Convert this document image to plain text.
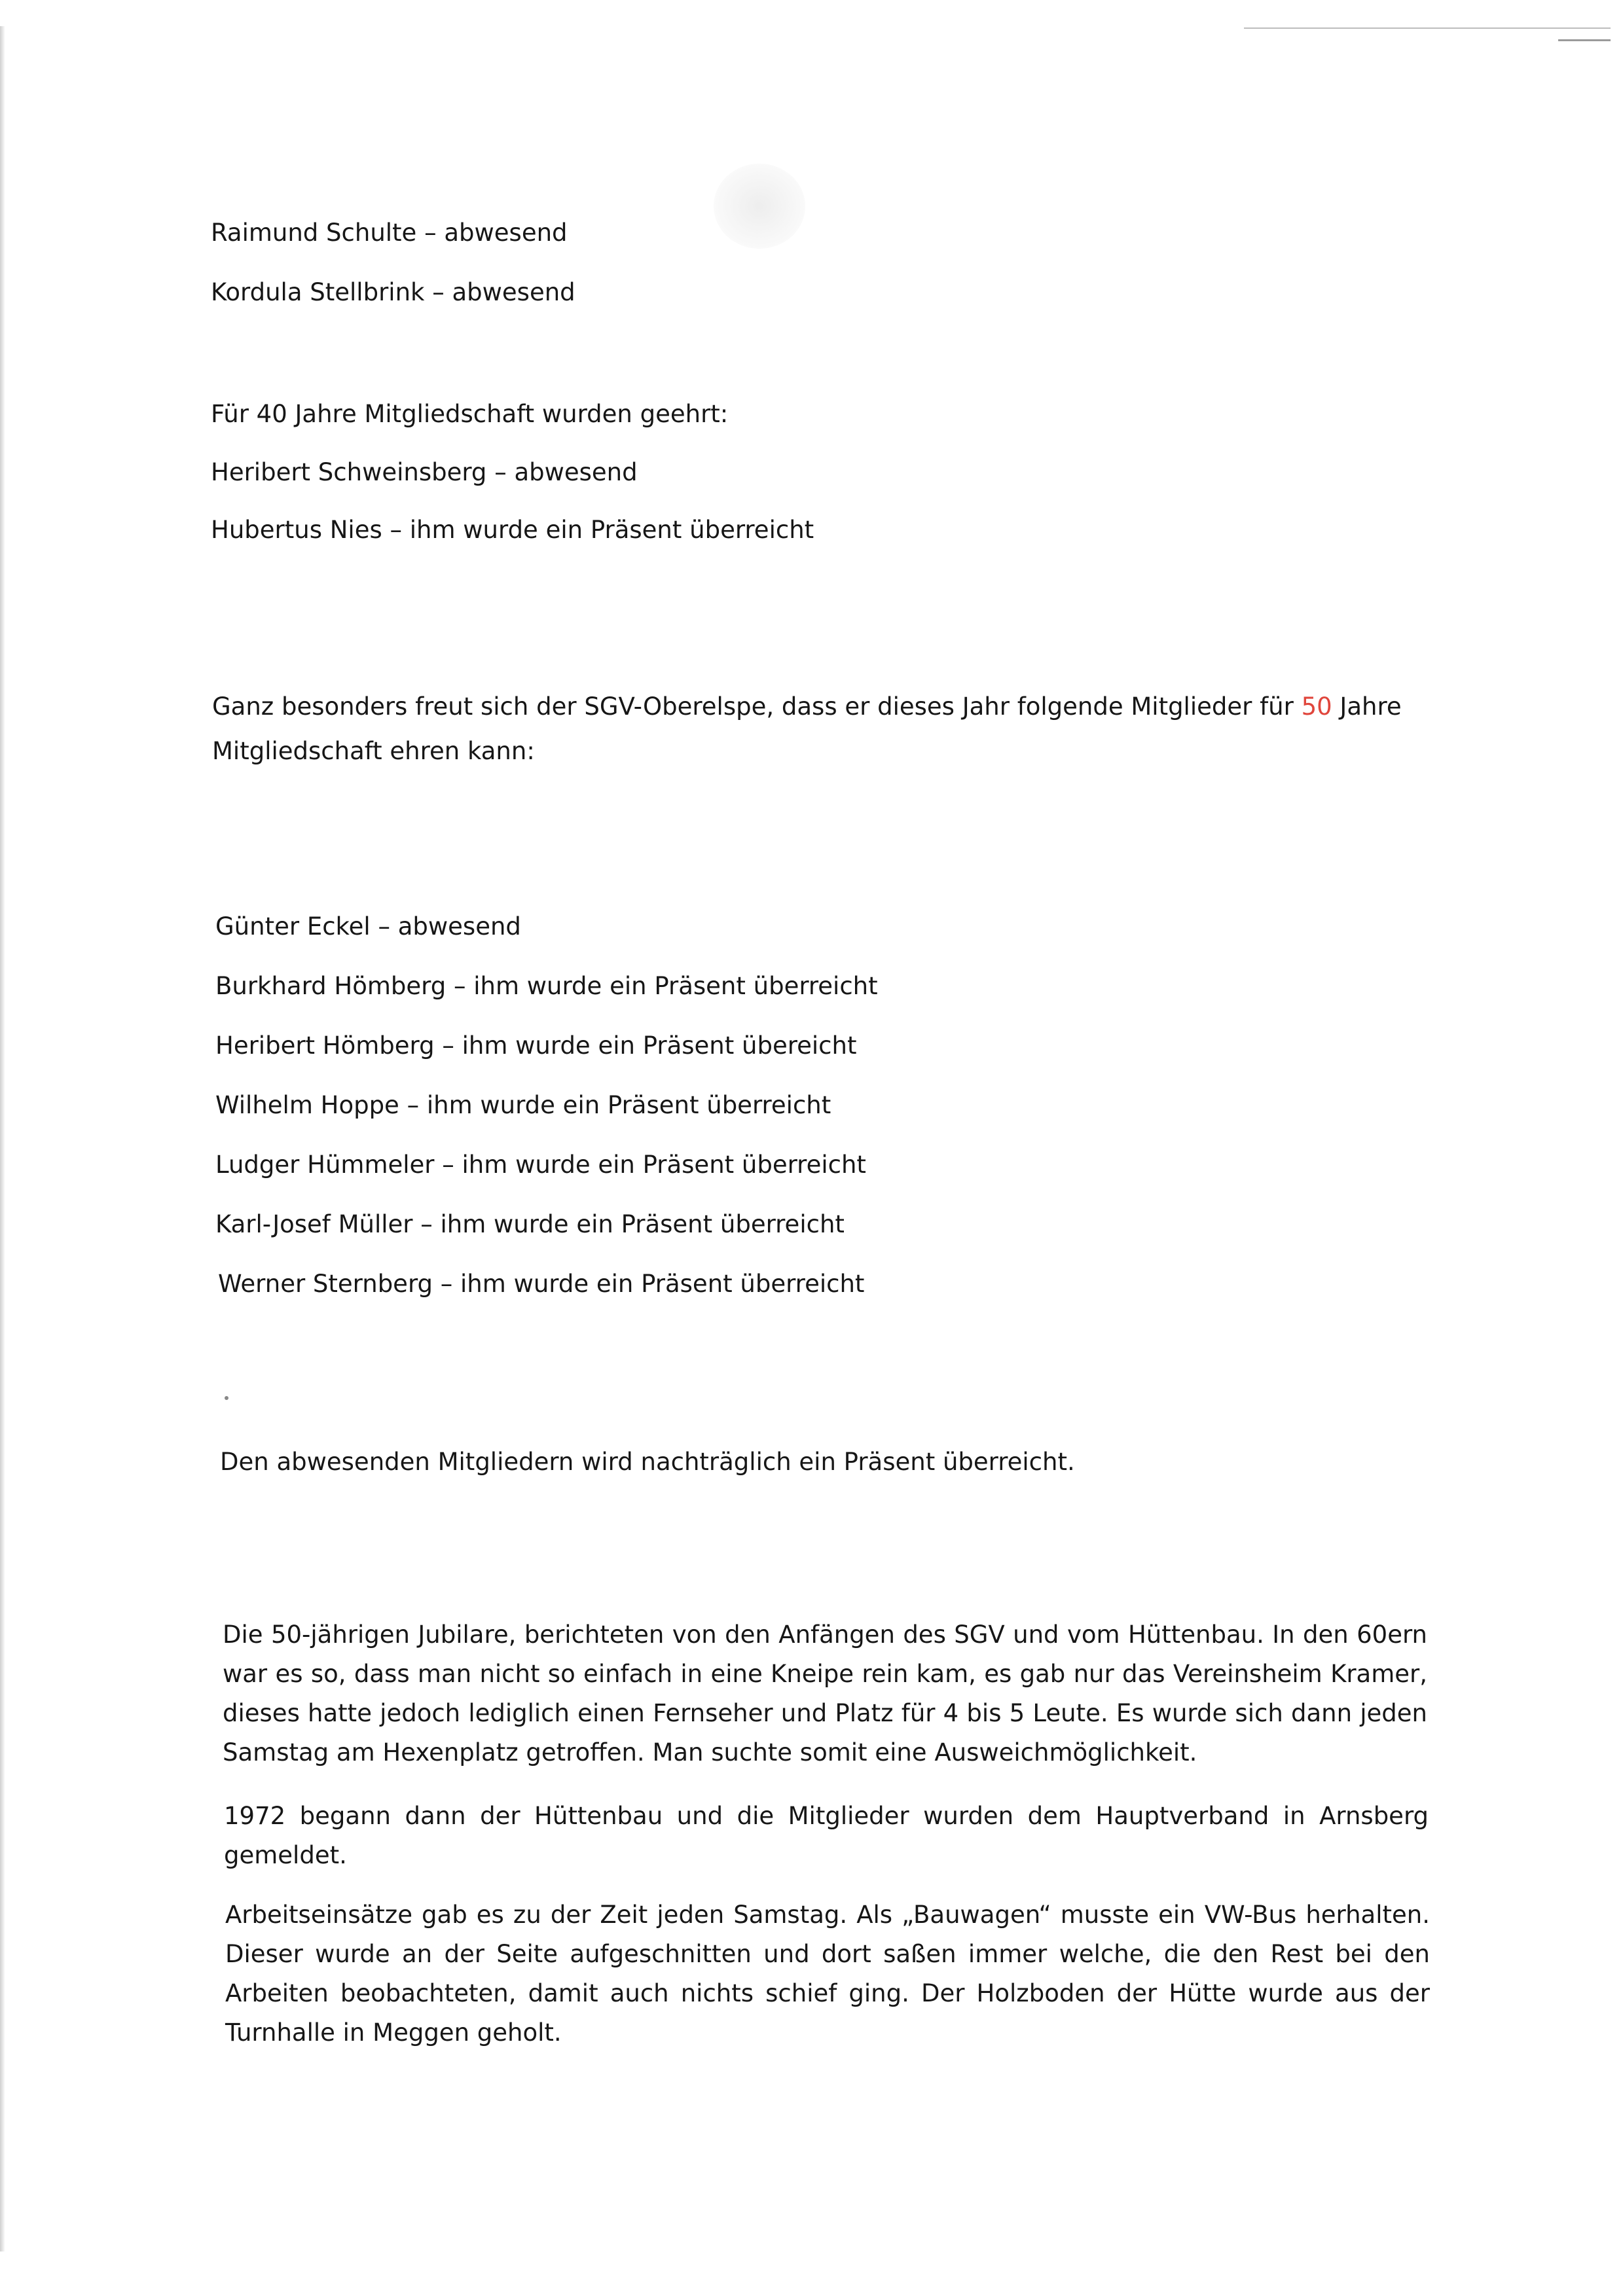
Raimund Schulte – abwesend
Kordula Stellbrink – abwesend
Für 40 Jahre Mitgliedschaft wurden geehrt:
Heribert Schweinsberg – abwesend
Hubertus Nies – ihm wurde ein Präsent überreicht
Ganz besonders freut sich der SGV-Oberelspe, dass er dieses Jahr folgende Mitglieder für 50 Jahre
Mitgliedschaft ehren kann:
Günter Eckel – abwesend
Burkhard Hömberg – ihm wurde ein Präsent überreicht
Heribert Hömberg – ihm wurde ein Präsent übereicht
Wilhelm Hoppe – ihm wurde ein Präsent überreicht
Ludger Hümmeler – ihm wurde ein Präsent überreicht
Karl-Josef Müller – ihm wurde ein Präsent überreicht
Werner Sternberg – ihm wurde ein Präsent überreicht
Den abwesenden Mitgliedern wird nachträglich ein Präsent überreicht.
Die 50-jährigen Jubilare, berichteten von den Anfängen des SGV und vom Hüttenbau. In den 60ern
war es so, dass man nicht so einfach in eine Kneipe rein kam, es gab nur das Vereinsheim Kramer,
dieses hatte jedoch lediglich einen Fernseher und Platz für 4 bis 5 Leute. Es wurde sich dann jeden
Samstag am Hexenplatz getroffen. Man suchte somit eine Ausweichmöglichkeit.
1972 begann dann der Hüttenbau und die Mitglieder wurden dem Hauptverband in Arnsberg
gemeldet.
Arbeitseinsätze gab es zu der Zeit jeden Samstag. Als „Bauwagen“ musste ein VW-Bus herhalten.
Dieser wurde an der Seite aufgeschnitten und dort saßen immer welche, die den Rest bei den
Arbeiten beobachteten, damit auch nichts schief ging. Der Holzboden der Hütte wurde aus der
Turnhalle in Meggen geholt.
